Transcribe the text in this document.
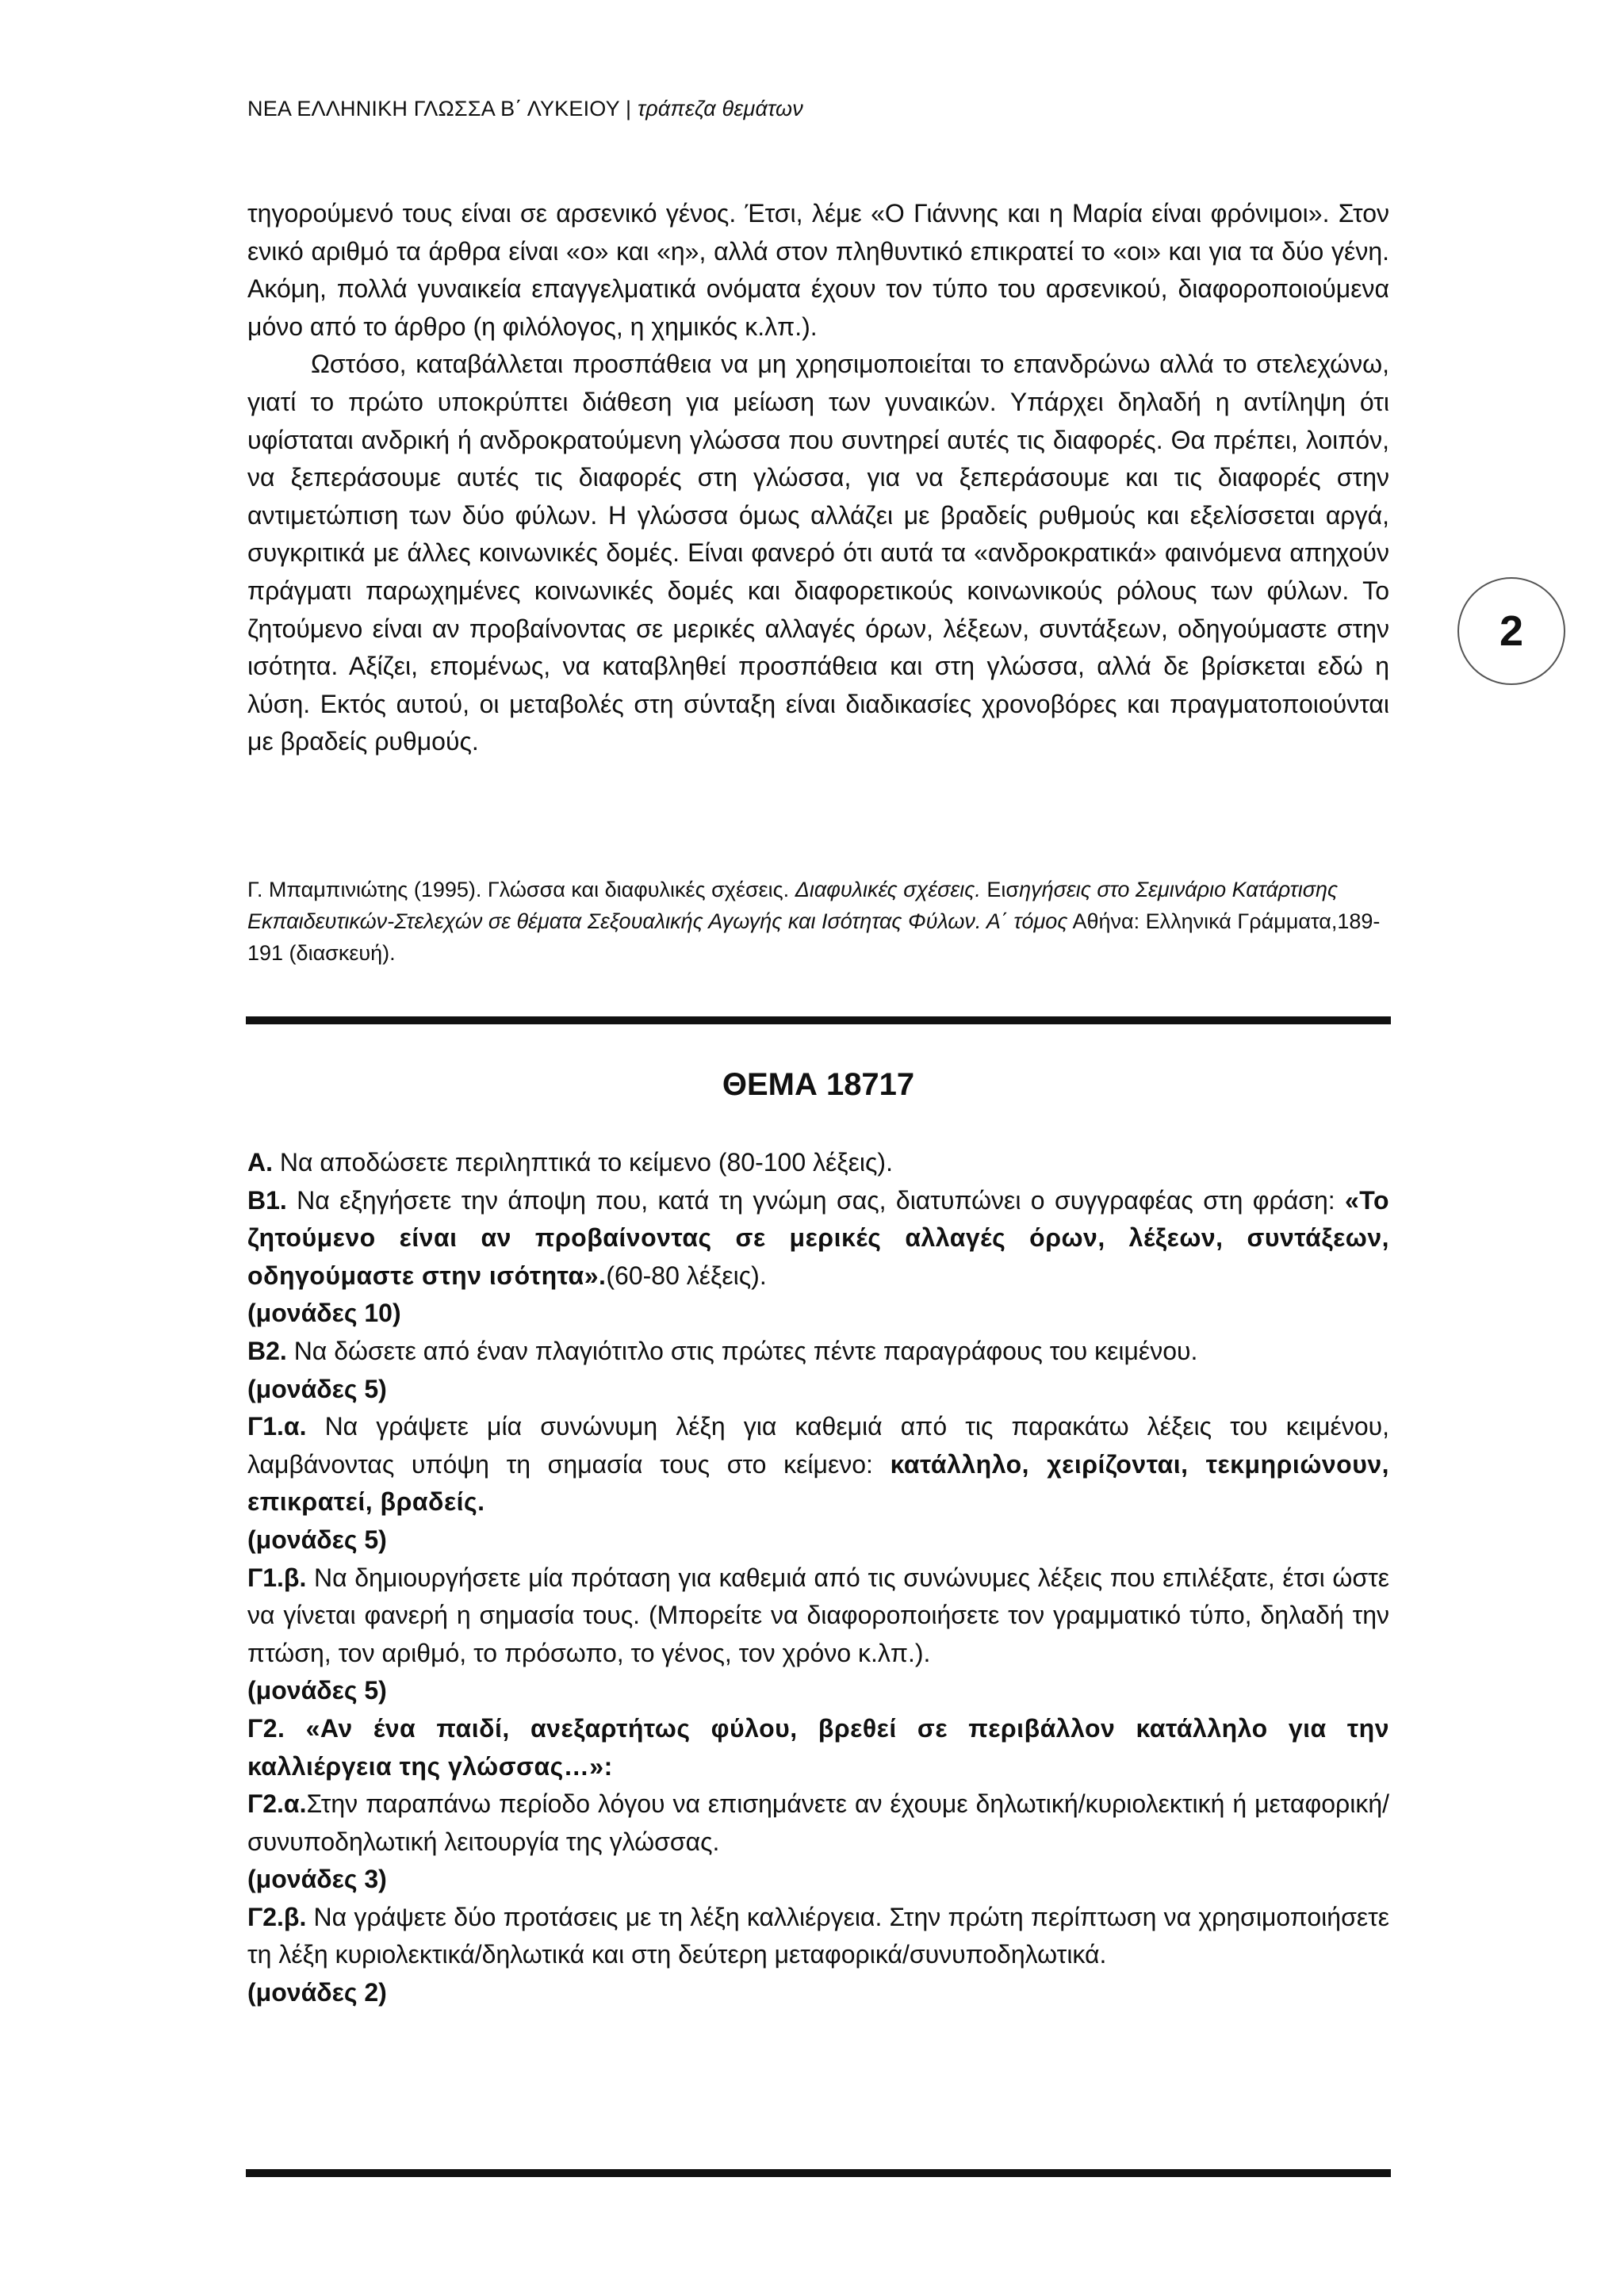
ΝΕΑ ΕΛΛΗΝΙΚΗ ΓΛΩΣΣΑ Β΄ ΛΥΚΕΙΟΥ | τράπεζα θεμάτων
2

τηγορούμενό τους είναι σε αρσενικό γένος. Έτσι, λέμε «Ο Γιάννης και η Μαρία είναι φρόνιμοι». Στον ενικό αριθμό τα άρθρα είναι «ο» και «η», αλλά στον πληθυντικό επικρατεί το «οι» και για τα δύο γένη. Ακόμη, πολλά γυναικεία επαγγελματικά ονόματα έχουν τον τύπο του αρσενικού, διαφοροποιούμενα μόνο από το άρθρο (η φιλόλογος, η χημικός κ.λπ.).

Ωστόσο, καταβάλλεται προσπάθεια να μη χρησιμοποιείται το επανδρώνω αλλά το στελεχώνω, γιατί το πρώτο υποκρύπτει διάθεση για μείωση των γυναικών. Υπάρχει δηλαδή η αντίληψη ότι υφίσταται ανδρική ή ανδροκρατούμενη γλώσσα που συντηρεί αυτές τις διαφορές. Θα πρέπει, λοιπόν, να ξεπεράσουμε αυτές τις διαφορές στη γλώσσα, για να ξεπεράσουμε και τις διαφορές στην αντιμετώπιση των δύο φύλων. Η γλώσσα όμως αλλάζει με βραδείς ρυθμούς και εξελίσσεται αργά, συγκριτικά με άλλες κοινωνικές δομές. Είναι φανερό ότι αυτά τα «ανδροκρατικά» φαινόμενα απηχούν πράγματι παρωχημένες κοινωνικές δομές και διαφορετικούς κοινωνικούς ρόλους των φύλων. Το ζητούμενο είναι αν προβαίνοντας σε μερικές αλλαγές όρων, λέξεων, συντάξεων, οδηγούμαστε στην ισότητα. Αξίζει, επομένως, να καταβληθεί προσπάθεια και στη γλώσσα, αλλά δε βρίσκεται εδώ η λύση. Εκτός αυτού, οι μεταβολές στη σύνταξη είναι διαδικασίες χρονοβόρες και πραγματοποιούνται με βραδείς ρυθμούς.

Γ. Μπαμπινιώτης (1995). Γλώσσα και διαφυλικές σχέσεις. Διαφυλικές σχέσεις. Εισηγήσεις στο Σεμινάριο Κατάρτισης Εκπαιδευτικών-Στελεχών σε θέματα Σεξουαλικής Αγωγής και Ισότητας Φύλων. Α΄ τόμος Αθήνα: Ελληνικά Γράμματα,189-191 (διασκευή).
ΘΕΜΑ 18717

Α. Να αποδώσετε περιληπτικά το κείμενο (80-100 λέξεις).

Β1. Να εξηγήσετε την άποψη που, κατά τη γνώμη σας, διατυπώνει ο συγγραφέας στη φράση: «Το ζητούμενο είναι αν προβαίνοντας σε μερικές αλλαγές όρων, λέξεων, συντάξεων, οδηγούμαστε στην ισότητα».(60-80 λέξεις).

(μονάδες 10)

Β2. Να δώσετε από έναν πλαγιότιτλο στις πρώτες πέντε παραγράφους του κειμένου.

(μονάδες 5)

Γ1.α. Να γράψετε μία συνώνυμη λέξη για καθεμιά από τις παρακάτω λέξεις του κειμένου, λαμβάνοντας υπόψη τη σημασία τους στο κείμενο: κατάλληλο, χειρίζονται, τεκμηριώνουν, επικρατεί, βραδείς.

(μονάδες 5)

Γ1.β. Να δημιουργήσετε μία πρόταση για καθεμιά από τις συνώνυμες λέξεις που επιλέξατε, έτσι ώστε να γίνεται φανερή η σημασία τους. (Μπορείτε να διαφοροποιήσετε τον γραμματικό τύπο, δηλαδή την πτώση, τον αριθμό, το πρόσωπο, το γένος, τον χρόνο κ.λπ.).

(μονάδες 5)

Γ2. «Αν ένα παιδί, ανεξαρτήτως φύλου, βρεθεί σε περιβάλλον κατάλληλο για την καλλιέργεια της γλώσσας…»:

Γ2.α.Στην παραπάνω περίοδο λόγου να επισημάνετε αν έχουμε δηλωτική/κυριολεκτική ή μεταφορική/συνυποδηλωτική λειτουργία της γλώσσας.

(μονάδες 3)

Γ2.β. Να γράψετε δύο προτάσεις με τη λέξη καλλιέργεια. Στην πρώτη περίπτωση να χρησιμοποιήσετε τη λέξη κυριολεκτικά/δηλωτικά και στη δεύτερη μεταφορικά/συνυποδηλωτικά.

(μονάδες 2)
